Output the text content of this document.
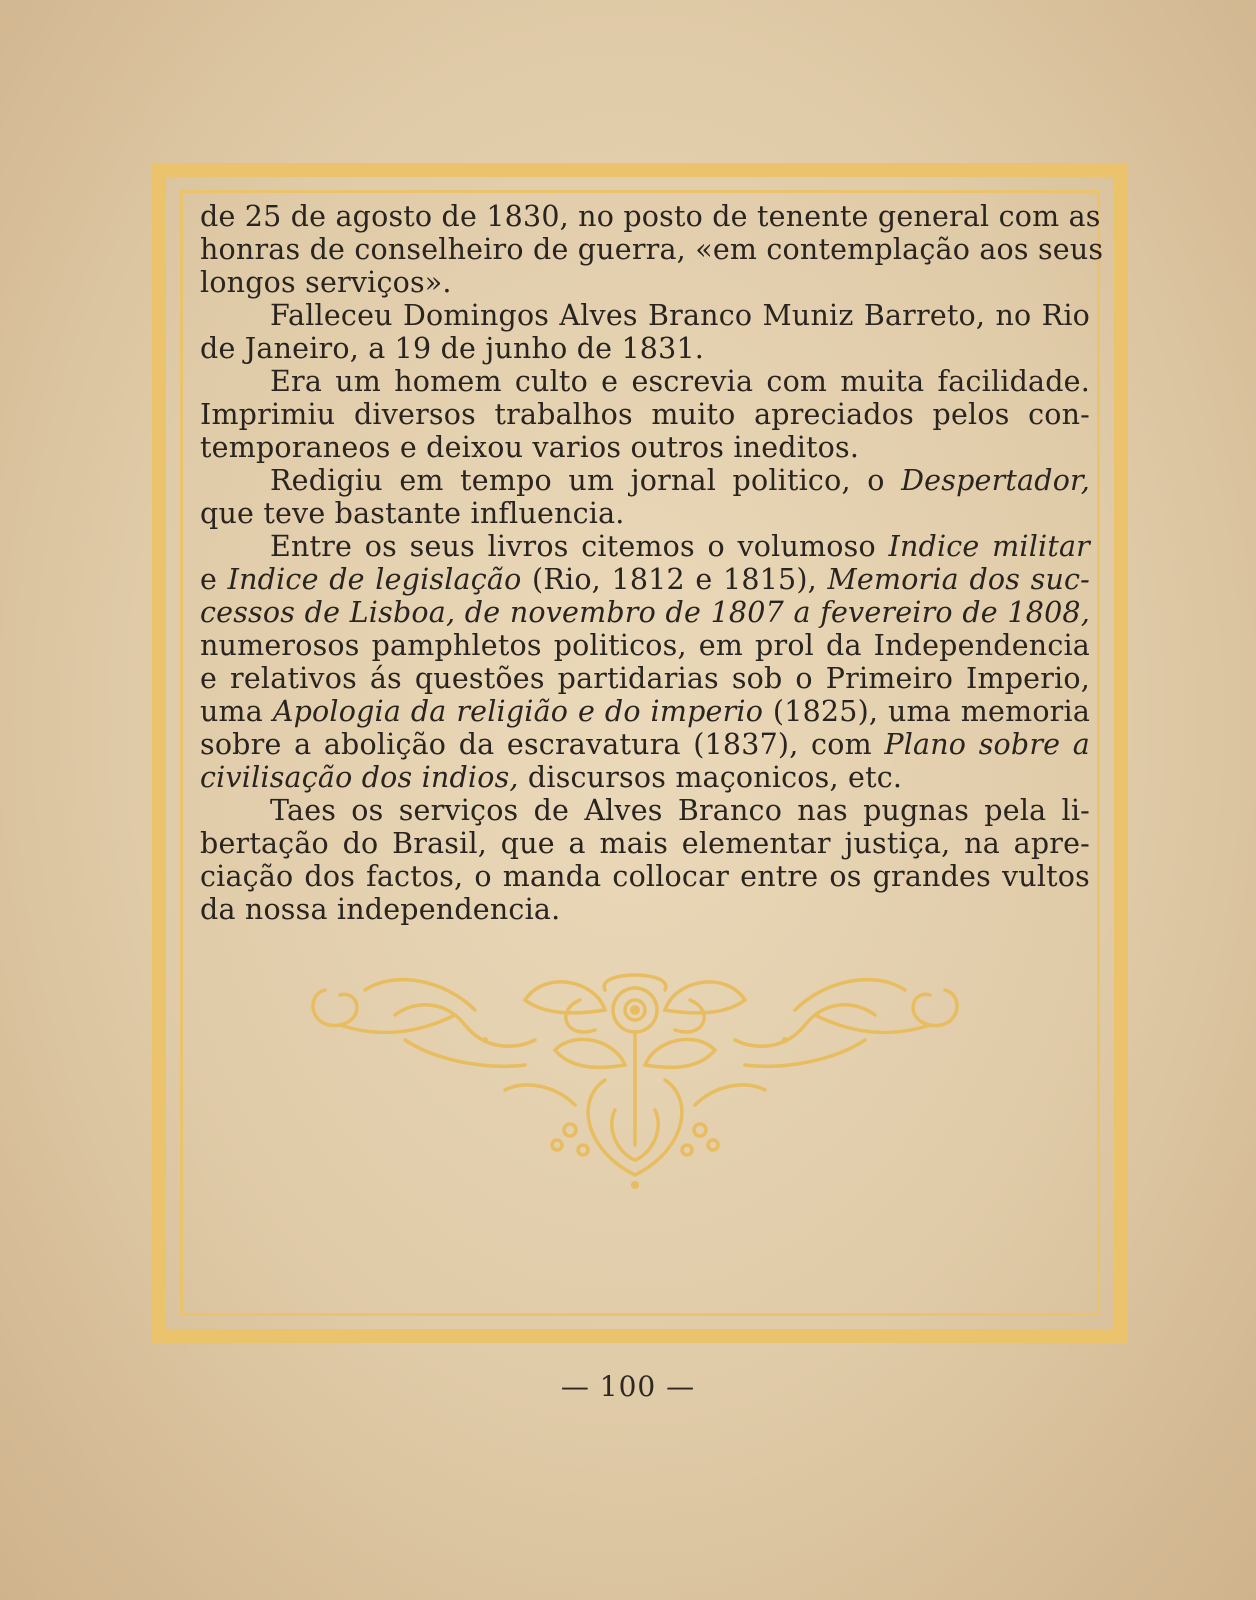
de 25 de agosto de 1830, no posto de tenente general com as
honras de conselheiro de guerra, «em contemplação aos seus
longos serviços».
Falleceu Domingos Alves Branco Muniz Barreto, no Rio
de Janeiro, a 19 de junho de 1831.
Era um homem culto e escrevia com muita facilidade.
Imprimiu diversos trabalhos muito apreciados pelos con-
temporaneos e deixou varios outros ineditos.
Redigiu em tempo um jornal politico, o Despertador,
que teve bastante influencia.
Entre os seus livros citemos o volumoso Indice militar
e Indice de legislação (Rio, 1812 e 1815), Memoria dos suc-
cessos de Lisboa, de novembro de 1807 a fevereiro de 1808,
numerosos pamphletos politicos, em prol da Independencia
e relativos ás questões partidarias sob o Primeiro Imperio,
uma Apologia da religião e do imperio (1825), uma memoria
sobre a abolição da escravatura (1837), com Plano sobre a
civilisação dos indios, discursos maçonicos, etc.
Taes os serviços de Alves Branco nas pugnas pela li-
bertação do Brasil, que a mais elementar justiça, na apre-
ciação dos factos, o manda collocar entre os grandes vultos
da nossa independencia.
— 100 —
